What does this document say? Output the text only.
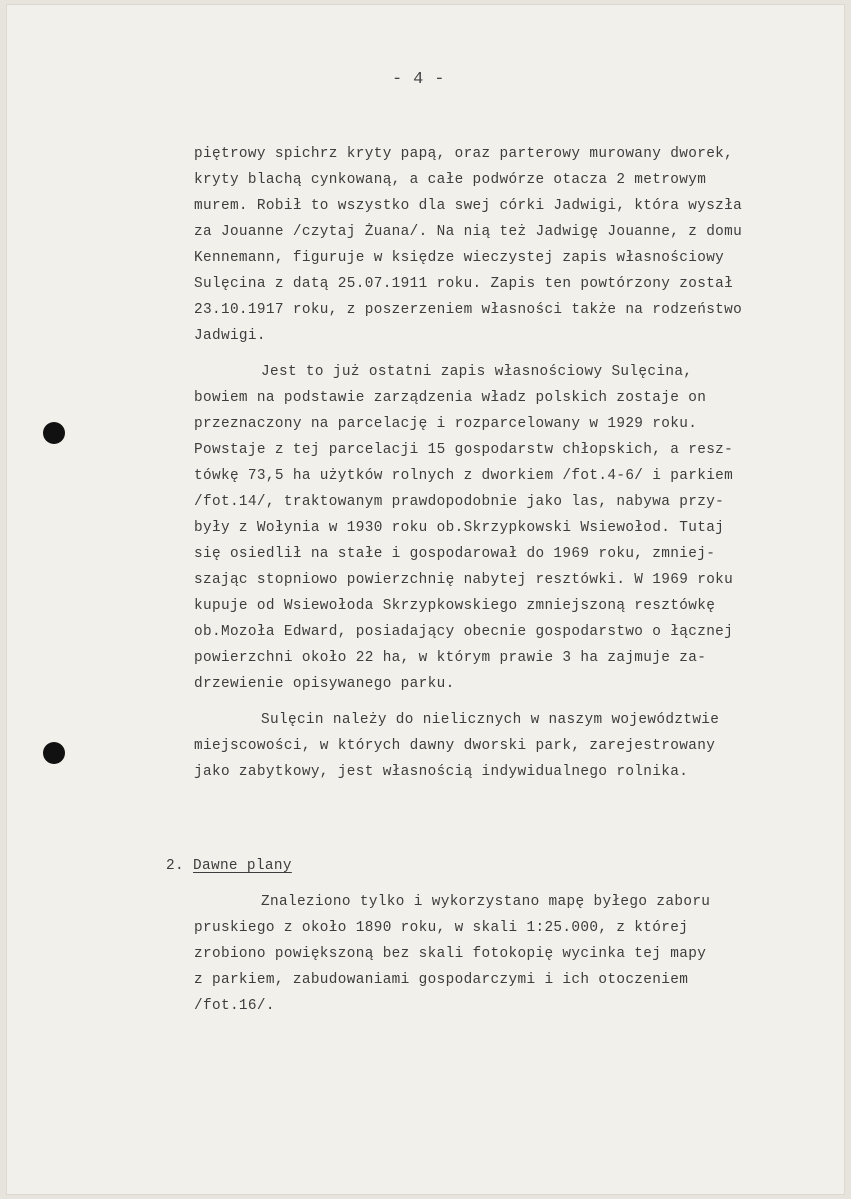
- 4 -
piętrowy spichrz kryty papą, oraz parterowy murowany dworek,
kryty blachą cynkowaną, a całe podwórze otacza 2 metrowym
murem. Robił to wszystko dla swej córki Jadwigi, która wyszła
za Jouanne /czytaj Żuana/. Na nią też Jadwigę Jouanne, z domu
Kennemann, figuruje w księdze wieczystej zapis własnościowy
Sulęcina z datą 25.07.1911 roku. Zapis ten powtórzony został
23.10.1917 roku, z poszerzeniem własności także na rodzeństwo
Jadwigi.
Jest to już ostatni zapis własnościowy Sulęcina,
bowiem na podstawie zarządzenia władz polskich zostaje on
przeznaczony na parcelację i rozparcelowany w 1929 roku.
Powstaje z tej parcelacji 15 gospodarstw chłopskich, a resz-
tówkę 73,5 ha użytków rolnych z dworkiem /fot.4-6/ i parkiem
/fot.14/, traktowanym prawdopodobnie jako las, nabywa przy-
były z Wołynia w 1930 roku ob.Skrzypkowski Wsiewołod. Tutaj
się osiedlił na stałe i gospodarował do 1969 roku, zmniej-
szając stopniowo powierzchnię nabytej resztówki. W 1969 roku
kupuje od Wsiewołoda Skrzypkowskiego zmniejszoną resztówkę
ob.Mozoła Edward, posiadający obecnie gospodarstwo o łącznej
powierzchni około 22 ha, w którym prawie 3 ha zajmuje za-
drzewienie opisywanego parku.
Sulęcin należy do nielicznych w naszym województwie
miejscowości, w których dawny dworski park, zarejestrowany
jako zabytkowy, jest własnością indywidualnego rolnika.
2. Dawne plany
Znaleziono tylko i wykorzystano mapę byłego zaboru
pruskiego z około 1890 roku, w skali 1:25.000, z której
zrobiono powiększoną bez skali fotokopię wycinka tej mapy
z parkiem, zabudowaniami gospodarczymi i ich otoczeniem
/fot.16/.
